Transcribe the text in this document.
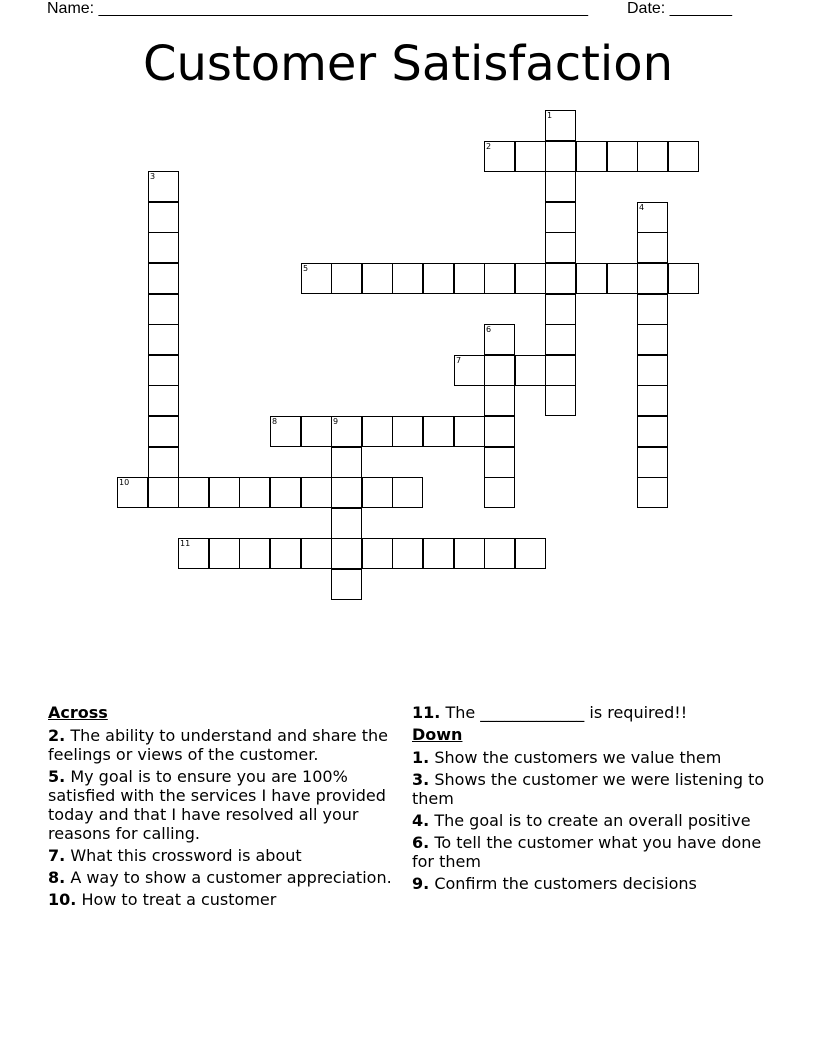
Name: _______________________________________________________ Date: _______
Customer Satisfaction
1
2
3
4
5
6
7
8	9
10
11
Across
2. The ability to understand and share the feelings or views of the customer.
5. My goal is to ensure you are 100% satisfied with the services I have provided today and that I have resolved all your reasons for calling.
7. What this crossword is about
8. A way to show a customer appreciation.
10. How to treat a customer
11. The _____________ is required!!
Down
1. Show the customers we value them
3. Shows the customer we were listening to them
4. The goal is to create an overall positive
6. To tell the customer what you have done for them
9. Confirm the customers decisions
